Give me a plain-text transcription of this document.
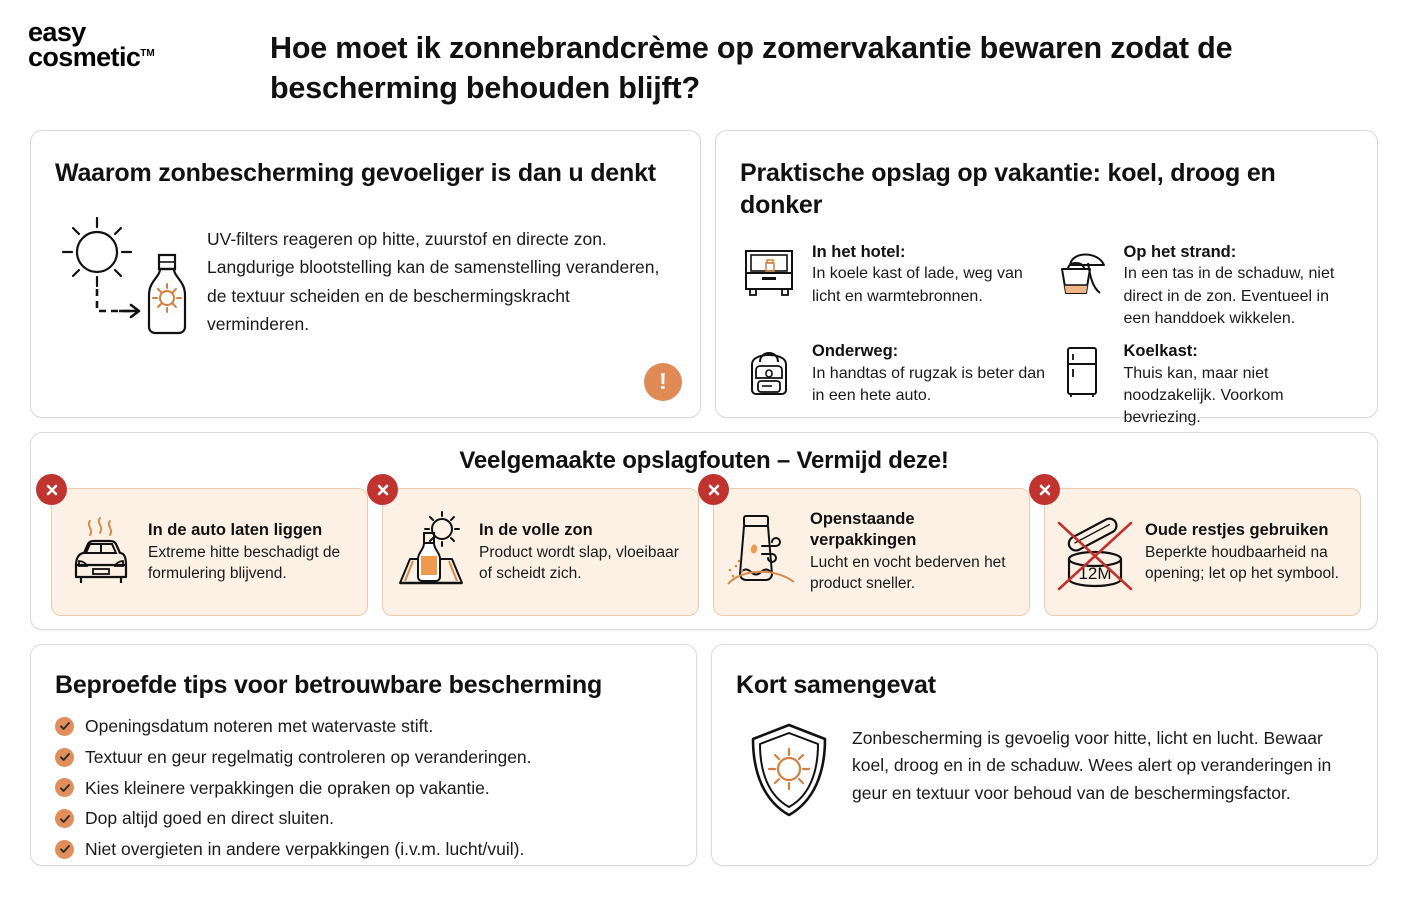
easy
cosmetic™	Hoe moet ik zonnebrandcrème op zomervakantie bewaren zodat de bescherming behouden blijft?
Waarom zonbescherming gevoeliger is dan u denkt
UV-filters reageren op hitte, zuurstof en directe zon. Langdurige blootstelling kan de samenstelling veranderen, de textuur scheiden en de beschermingskracht verminderen.
!
Praktische opslag op vakantie: koel, droog en donker
In het hotel:
In koele kast of lade, weg van licht en warmtebronnen.
Op het strand:
In een tas in de schaduw, niet direct in de zon. Eventueel in een handdoek wikkelen.
Onderweg:
In handtas of rugzak is beter dan in een hete auto.
Koelkast:
Thuis kan, maar niet noodzakelijk. Voorkom bevriezing.
Veelgemaakte opslagfouten – Vermijd deze!
In de auto laten liggen
Extreme hitte beschadigt de formulering blijvend.
In de volle zon
Product wordt slap, vloeibaar of scheidt zich.
Openstaande verpakkingen
Lucht en vocht bederven het product sneller.
12M
Oude restjes gebruiken
Beperkte houdbaarheid na opening; let op het symbool.
Beproefde tips voor betrouwbare bescherming
Openingsdatum noteren met watervaste stift.
Textuur en geur regelmatig controleren op veranderingen.
Kies kleinere verpakkingen die opraken op vakantie.
Dop altijd goed en direct sluiten.
Niet overgieten in andere verpakkingen (i.v.m. lucht/vuil).
Kort samengevat
Zonbescherming is gevoelig voor hitte, licht en lucht. Bewaar koel, droog en in de schaduw. Wees alert op veranderingen in geur en textuur voor behoud van de beschermingsfactor.
